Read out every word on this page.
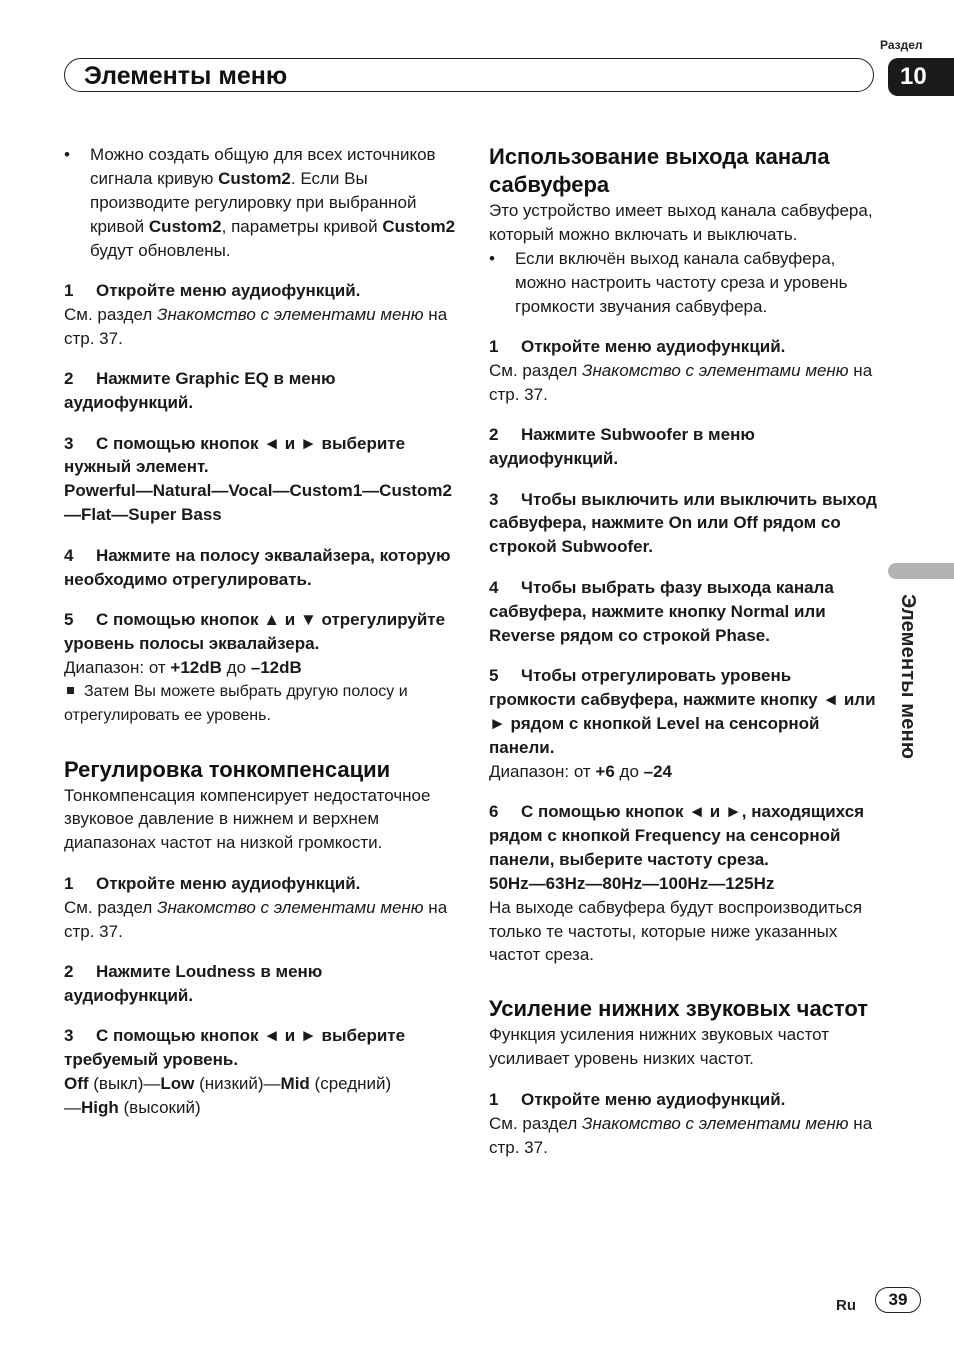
Элементы меню
Раздел
10
Элементы меню
• Можно создать общую для всех источников сигнала кривую Custom2. Если Вы производите регулировку при выбранной кривой Custom2, параметры кривой Custom2 будут обновлены.

1 Откройте меню аудиофункций.

См. раздел Знакомство с элементами меню на стр. 37.

2 Нажмите Graphic EQ в меню аудиофункций.

3 С помощью кнопок ◄ и ► выберите нужный элемент.

Powerful—Natural—Vocal—Custom1—Custom2—Flat—Super Bass

4 Нажмите на полосу эквалайзера, которую необходимо отрегулировать.

5 С помощью кнопок ▲ и ▼ отрегулируйте уровень полосы эквалайзера.

Диапазон: от +12dB до –12dB

Затем Вы можете выбрать другую полосу и отрегулировать ее уровень.

Регулировка тонкомпенсации

Тонкомпенсация компенсирует недостаточное звуковое давление в нижнем и верхнем диапазонах частот на низкой громкости.

1 Откройте меню аудиофункций.

См. раздел Знакомство с элементами меню на стр. 37.

2 Нажмите Loudness в меню аудиофункций.

3 С помощью кнопок ◄ и ► выберите требуемый уровень.

Off (выкл)—Low (низкий)—Mid (средний)
—High (высокий)

Использование выхода канала сабвуфера

Это устройство имеет выход канала сабвуфера, который можно включать и выключать.

• Если включён выход канала сабвуфера, можно настроить частоту среза и уровень громкости звучания сабвуфера.

1 Откройте меню аудиофункций.

См. раздел Знакомство с элементами меню на стр. 37.

2 Нажмите Subwoofer в меню аудиофункций.

3 Чтобы выключить или выключить выход сабвуфера, нажмите On или Off рядом со строкой Subwoofer.

4 Чтобы выбрать фазу выхода канала сабвуфера, нажмите кнопку Normal или Reverse рядом со строкой Phase.

5 Чтобы отрегулировать уровень громкости сабвуфера, нажмите кнопку ◄ или ► рядом с кнопкой Level на сенсорной панели.

Диапазон: от +6 до –24

6 С помощью кнопок ◄ и ►, находящихся рядом с кнопкой Frequency на сенсорной панели, выберите частоту среза.

50Hz—63Hz—80Hz—100Hz—125Hz

На выходе сабвуфера будут воспроизводиться только те частоты, которые ниже указанных частот среза.

Усиление нижних звуковых частот

Функция усиления нижних звуковых частот усиливает уровень низких частот.

1 Откройте меню аудиофункций.

См. раздел Знакомство с элементами меню на стр. 37.

Ru	39
